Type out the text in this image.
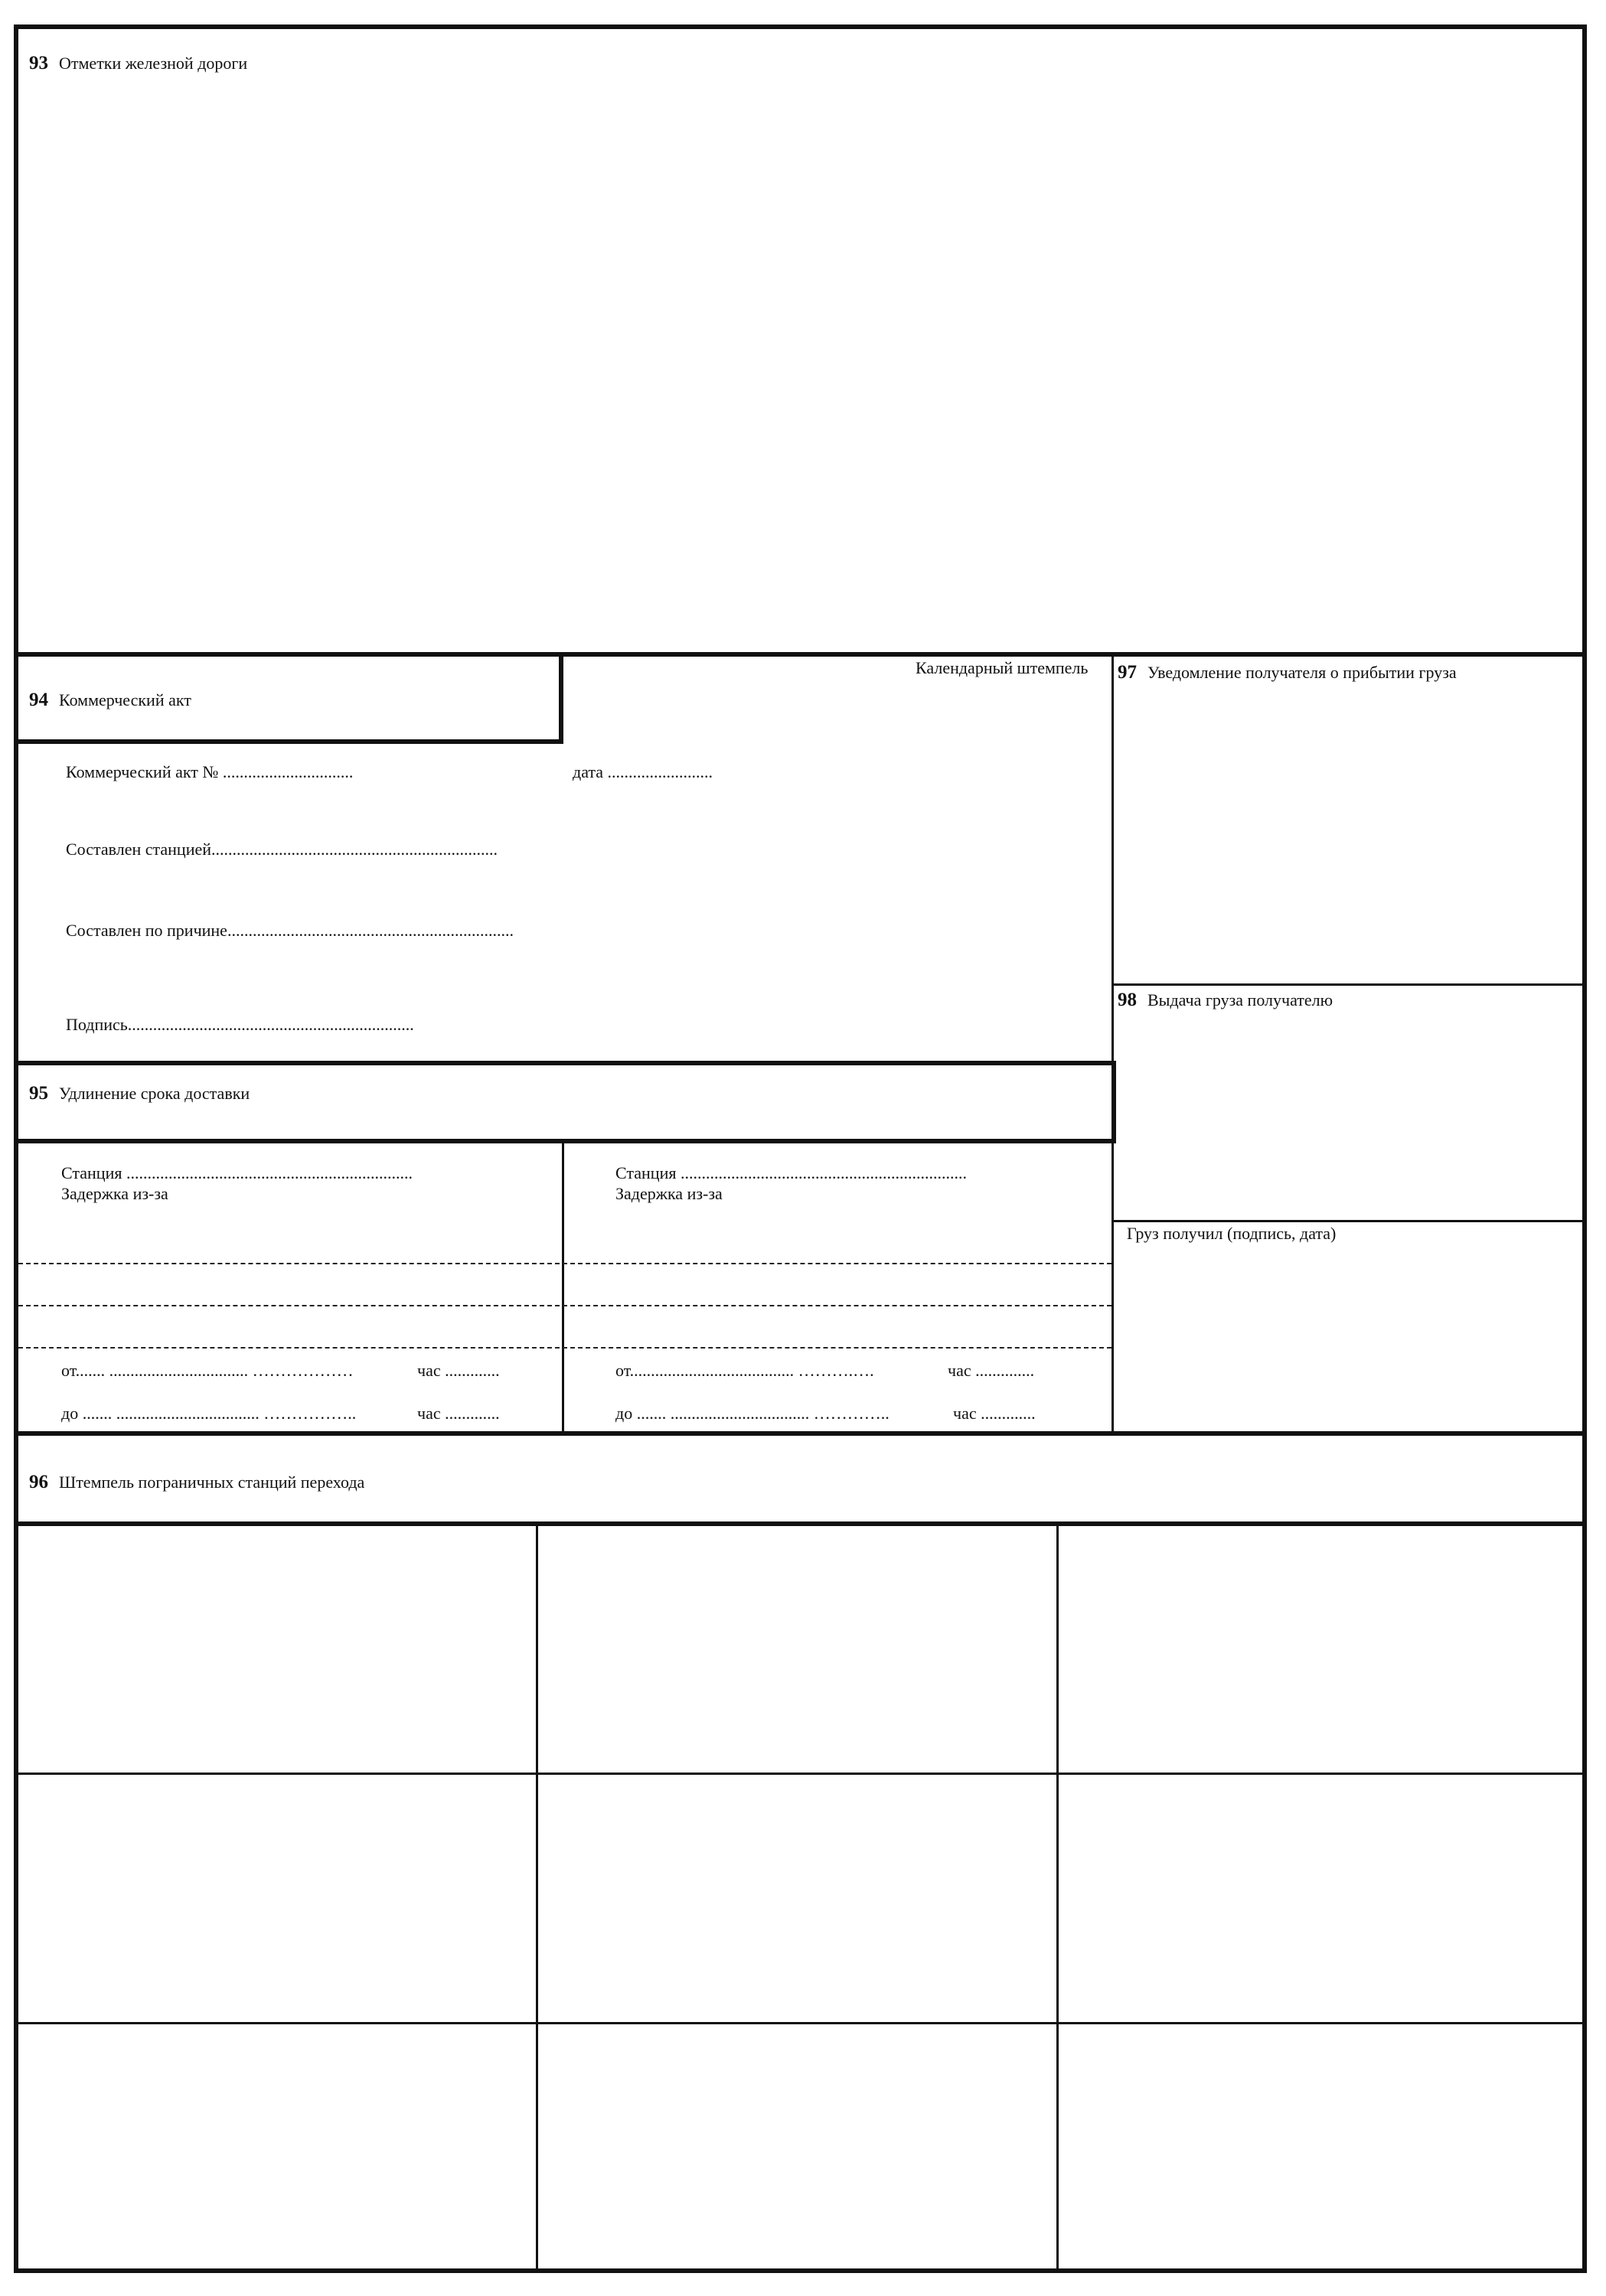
93 Отметки железной дороги
94 Коммерческий акт
Календарный штемпель
Коммерческий акт № ...............................	дата .........................
Составлен станцией....................................................................
Составлен по причине....................................................................
Подпись....................................................................
97 Уведомление получателя о прибытии груза
98 Выдача груза получателю
Груз получил (подпись, дата)
95 Удлинение срока доставки
Станция ....................................................................
Задержка из-за
Станция ....................................................................
Задержка из-за
от....... ................................. ………………	час .............
до ....... .................................. ……………..	час .............
от....................................... ……….….	час ..............
до ....... ................................. …………..	час .............
96 Штемпель пограничных станций перехода
